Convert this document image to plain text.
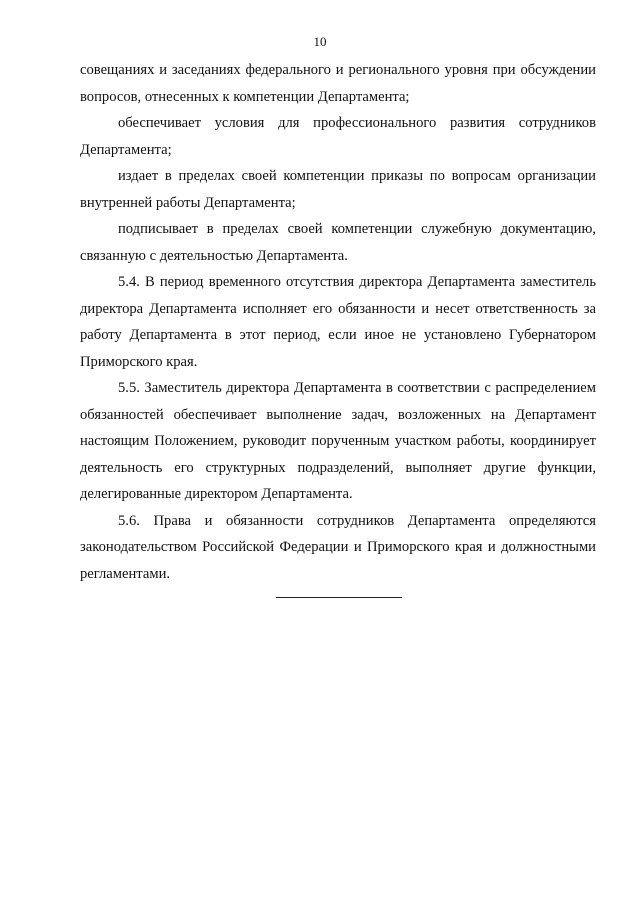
10

совещаниях и заседаниях федерального и регионального уровня при обсуждении вопросов, отнесенных к компетенции Департамента;

обеспечивает условия для профессионального развития сотрудников Департамента;

издает в пределах своей компетенции приказы по вопросам организации внутренней работы Департамента;

подписывает в пределах своей компетенции служебную документацию, связанную с деятельностью Департамента.

5.4. В период временного отсутствия директора Департамента заместитель директора Департамента исполняет его обязанности и несет ответственность за работу Департамента в этот период, если иное не установлено Губернатором Приморского края.

5.5. Заместитель директора Департамента в соответствии с распределением обязанностей обеспечивает выполнение задач, возложенных на Департамент настоящим Положением, руководит порученным участком работы, координирует деятельность его структурных подразделений, выполняет другие функции, делегированные директором Департамента.

5.6. Права и обязанности сотрудников Департамента определяются законодательством Российской Федерации и Приморского края и должностными регламентами.
